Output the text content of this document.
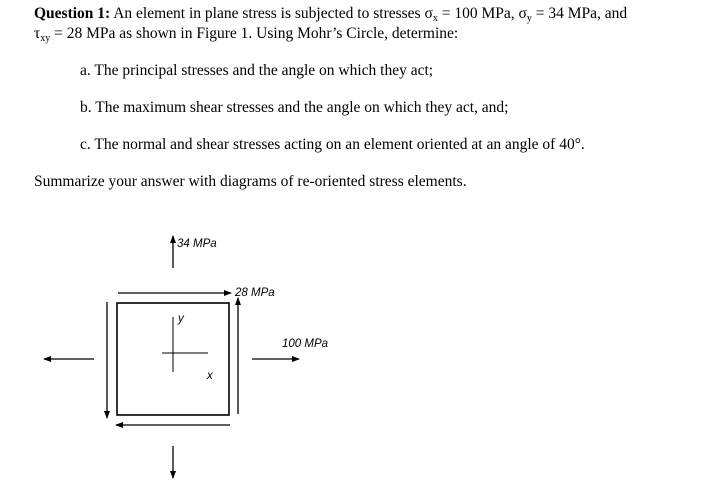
Question 1: An element in plane stress is subjected to stresses $\sigma_x = 100$ MPa, $\sigma_y = 34$ MPa, and
$\tau_{xy} = 28$ MPa as shown in Figure 1. Using Mohr’s Circle, determine:
a. The principal stresses and the angle on which they act;
b. The maximum shear stresses and the angle on which they act, and;
c. The normal and shear stresses acting on an element oriented at an angle of 40°.
Summarize your answer with diagrams of re-oriented stress elements.
y
x
34 MPa
100 MPa
28 MPa
